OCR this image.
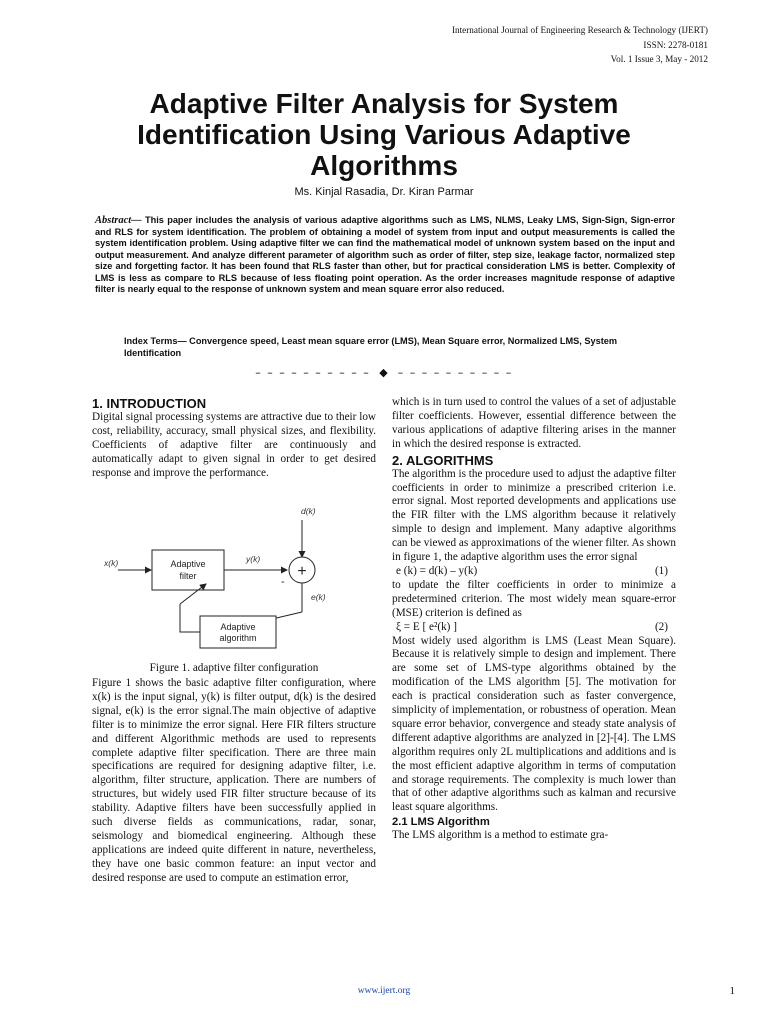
International Journal of Engineering Research & Technology (IJERT)
ISSN: 2278-0181
Vol. 1 Issue 3, May - 2012
Adaptive Filter Analysis for System Identification Using Various Adaptive Algorithms
Ms. Kinjal Rasadia, Dr. Kiran Parmar
Abstract— This paper includes the analysis of various adaptive algorithms such as LMS, NLMS, Leaky LMS, Sign-Sign, Sign-error and RLS for system identification. The problem of obtaining a model of system from input and output measurements is called the system identification problem. Using adaptive filter we can find the mathematical model of unknown system based on the input and output measurement. And analyze different parameter of algorithm such as order of filter, step size, leakage factor, normalized step size and forgetting factor. It has been found that RLS faster than other, but for practical consideration LMS is better. Complexity of LMS is less as compare to RLS because of less floating point operation. As the order increases magnitude response of adaptive filter is nearly equal to the response of unknown system and mean square error also reduced.
Index Terms— Convergence speed, Least mean square error (LMS), Mean Square error, Normalized LMS, System Identification
– – – – – – – – – – ◆ – – – – – – – – – –
1. INTRODUCTION

Digital signal processing systems are attractive due to their low cost, reliability, accuracy, small physical sizes, and flexibility. Coefficients of adaptive filter are continuously and automatically adapt to given signal in order to get desired response and improve the performance.

x(k)	Adaptive
filter
y(k)
d(k)
+
-
e(k)
Adaptive
algorithm
Figure 1. adaptive filter configuration

Figure 1 shows the basic adaptive filter configuration, where x(k) is the input signal, y(k) is filter output, d(k) is the desired signal, e(k) is the error signal.The main objective of adaptive filter is to minimize the error signal. Here FIR filters structure and different Algorithmic methods are used to represents complete adaptive filter specification. There are three main specifications are required for designing adaptive filter, i.e. algorithm, filter structure, application. There are numbers of structures, but widely used FIR filter structure because of its stability. Adaptive filters have been successfully applied in such diverse fields as communications, radar, sonar, seismology and biomedical engineering. Although these applications are indeed quite different in nature, nevertheless, they have one basic common feature: an input vector and desired response are used to compute an estimation error,

which is in turn used to control the values of a set of adjustable filter coefficients. However, essential difference between the various applications of adaptive filtering arises in the manner in which the desired response is extracted.

2. ALGORITHMS

The algorithm is the procedure used to adjust the adaptive filter coefficients in order to minimize a prescribed criterion i.e. error signal. Most reported developments and applications use the FIR filter with the LMS algorithm because it relatively simple to design and implement. Many adaptive algorithms can be viewed as approximations of the wiener filter. As shown in figure 1, the adaptive algorithm uses the error signal

e (k) = d(k) – y(k)	(1)

to update the filter coefficients in order to minimize a predetermined criterion. The most widely mean square-error (MSE) criterion is defined as

ξ = E [ e²(k) ]	(2)

Most widely used algorithm is LMS (Least Mean Square). Because it is relatively simple to design and implement. There are some set of LMS-type algorithms obtained by the modification of the LMS algorithm [5]. The motivation for each is practical consideration such as faster convergence, simplicity of implementation, or robustness of operation. Mean square error behavior, convergence and steady state analysis of different adaptive algorithms are analyzed in [2]-[4]. The LMS algorithm requires only 2L multiplications and additions and is the most efficient adaptive algorithm in terms of computation and storage requirements. The complexity is much lower than that of other adaptive algorithms such as kalman and recursive least square algorithms.

2.1 LMS Algorithm

The LMS algorithm is a method to estimate gra-

www.ijert.org	1
